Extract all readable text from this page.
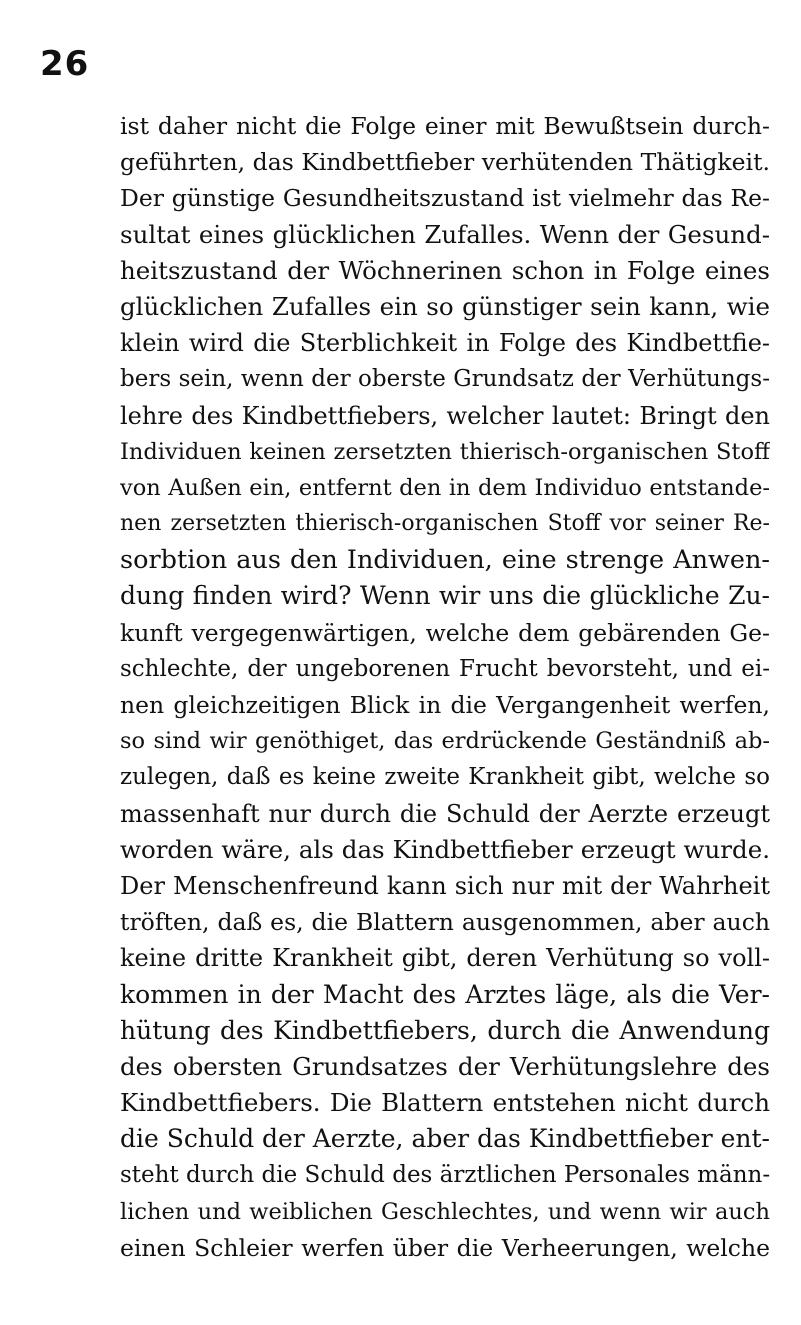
26
ist daher nicht die Folge einer mit Bewußtsein durch-
geführten, das Kindbettfieber verhütenden Thätigkeit.
Der günstige Gesundheitszustand ist vielmehr das Re-
sultat eines glücklichen Zufalles. Wenn der Gesund-
heitszustand der Wöchnerinen schon in Folge eines
glücklichen Zufalles ein so günstiger sein kann, wie
klein wird die Sterblichkeit in Folge des Kindbettfie-
bers sein, wenn der oberste Grundsatz der Verhütungs-
lehre des Kindbettfiebers, welcher lautet: Bringt den
Individuen keinen zersetzten thierisch-organischen Stoff
von Außen ein, entfernt den in dem Individuo entstande-
nen zersetzten thierisch-organischen Stoff vor seiner Re-
sorbtion aus den Individuen, eine strenge Anwen-
dung finden wird? Wenn wir uns die glückliche Zu-
kunft vergegenwärtigen, welche dem gebärenden Ge-
schlechte, der ungeborenen Frucht bevorsteht, und ei-
nen gleichzeitigen Blick in die Vergangenheit werfen,
so sind wir genöthiget, das erdrückende Geständniß ab-
zulegen, daß es keine zweite Krankheit gibt, welche so
massenhaft nur durch die Schuld der Aerzte erzeugt
worden wäre, als das Kindbettfieber erzeugt wurde.
Der Menschenfreund kann sich nur mit der Wahrheit
tröften, daß es, die Blattern ausgenommen, aber auch
keine dritte Krankheit gibt, deren Verhütung so voll-
kommen in der Macht des Arztes läge, als die Ver-
hütung des Kindbettfiebers, durch die Anwendung
des obersten Grundsatzes der Verhütungslehre des
Kindbettfiebers. Die Blattern entstehen nicht durch
die Schuld der Aerzte, aber das Kindbettfieber ent-
steht durch die Schuld des ärztlichen Personales männ-
lichen und weiblichen Geschlechtes, und wenn wir auch
einen Schleier werfen über die Verheerungen, welche
